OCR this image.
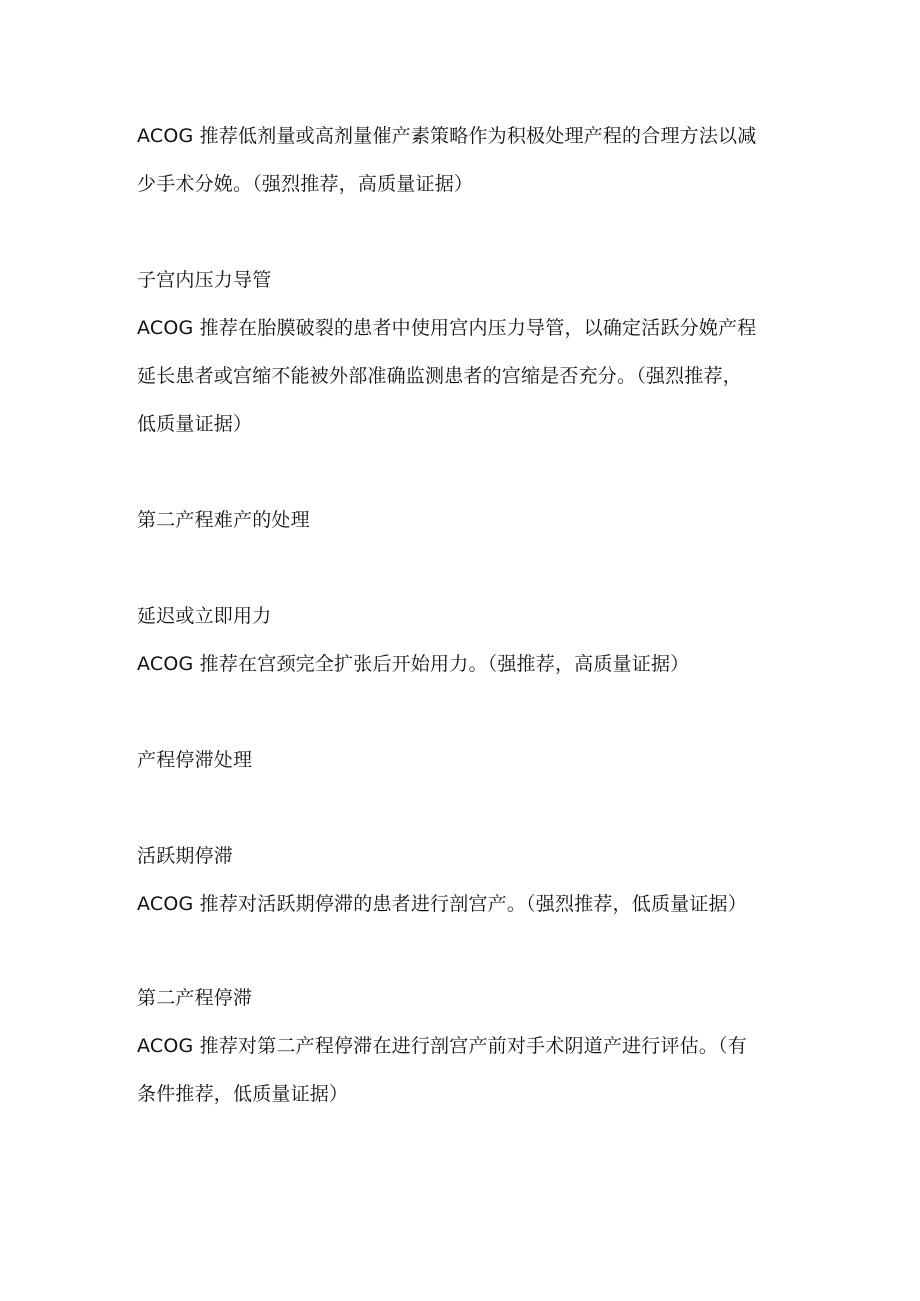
ACOG 推荐低剂量或高剂量催产素策略作为积极处理产程的合理方法以减
少手术分娩。（强烈推荐，高质量证据）
子宫内压力导管
ACOG 推荐在胎膜破裂的患者中使用宫内压力导管，以确定活跃分娩产程
延长患者或宫缩不能被外部准确监测患者的宫缩是否充分。（强烈推荐，
低质量证据）
第二产程难产的处理
延迟或立即用力
ACOG 推荐在宫颈完全扩张后开始用力。（强推荐，高质量证据）
产程停滞处理
活跃期停滞
ACOG 推荐对活跃期停滞的患者进行剖宫产。（强烈推荐，低质量证据）
第二产程停滞
ACOG 推荐对第二产程停滞在进行剖宫产前对手术阴道产进行评估。（有
条件推荐，低质量证据）
